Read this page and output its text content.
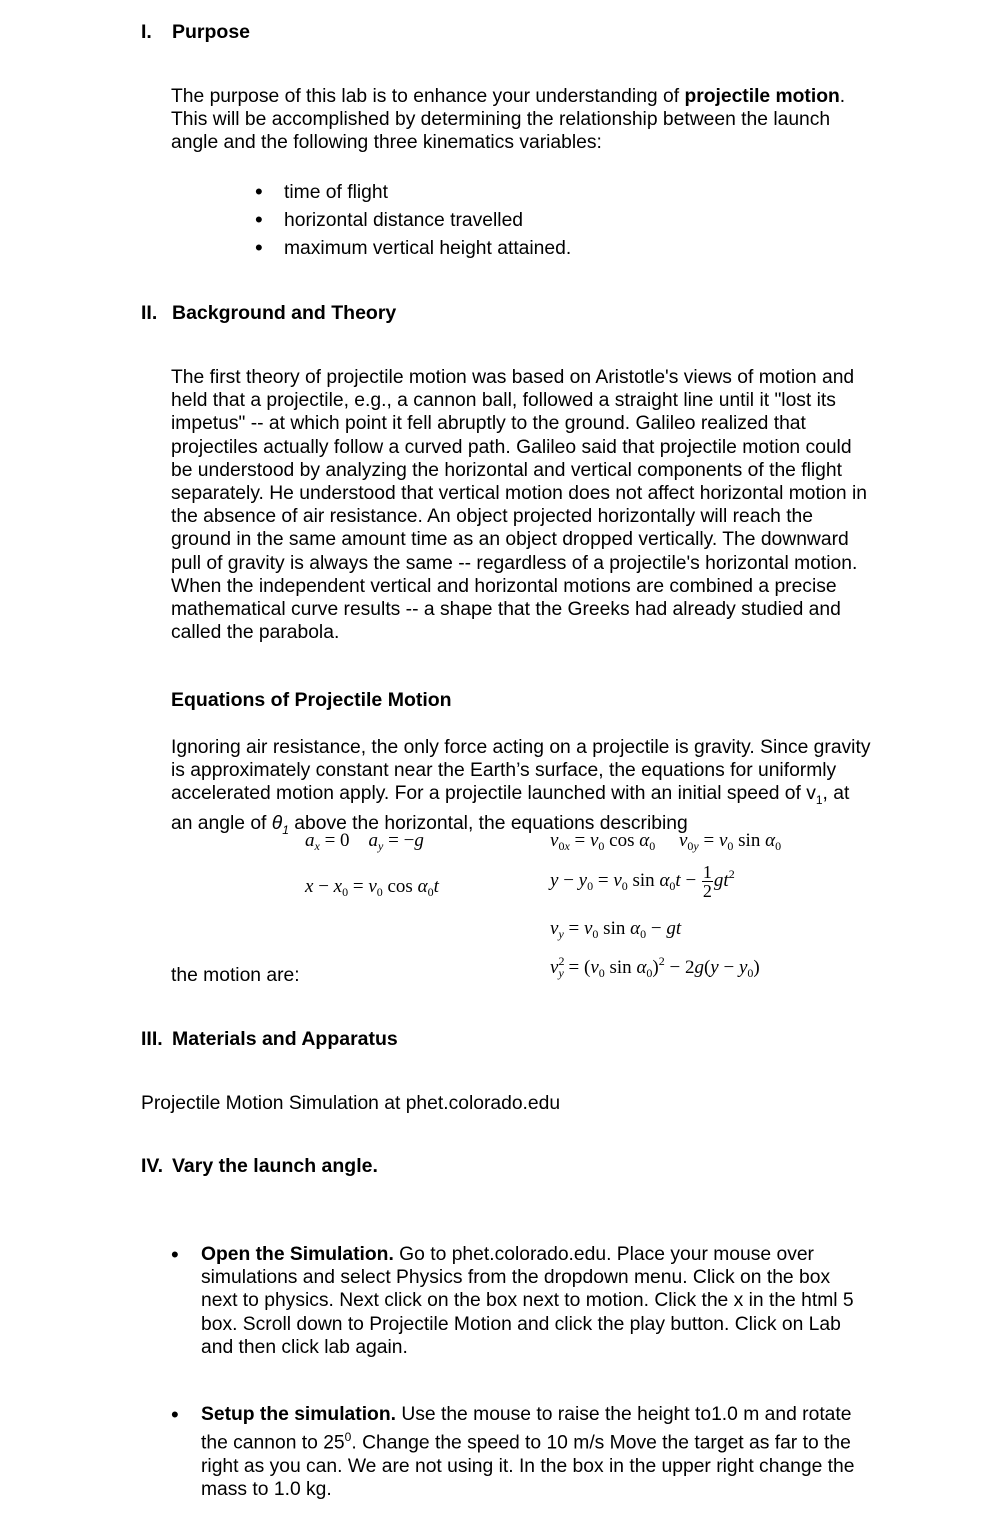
I. Purpose

The purpose of this lab is to enhance your understanding of projectile motion. This will be accomplished by determining the relationship between the launch angle and the following three kinematics variables:

• time of flight
• horizontal distance travelled
• maximum vertical height attained.
II. Background and Theory

The first theory of projectile motion was based on Aristotle's views of motion and held that a projectile, e.g., a cannon ball, followed a straight line until it "lost its impetus" -- at which point it fell abruptly to the ground. Galileo realized that projectiles actually follow a curved path. Galileo said that projectile motion could be understood by analyzing the horizontal and vertical components of the flight separately. He understood that vertical motion does not affect horizontal motion in the absence of air resistance. An object projected horizontally will reach the ground in the same amount time as an object dropped vertically. The downward pull of gravity is always the same -- regardless of a projectile's horizontal motion. When the independent vertical and horizontal motions are combined a precise mathematical curve results -- a shape that the Greeks had already studied and called the parabola.

Equations of Projectile Motion

Ignoring air resistance, the only force acting on a projectile is gravity. Since gravity is approximately constant near the Earth’s surface, the equations for uniformly accelerated motion apply. For a projectile launched with an initial speed of $v_1$, at an angle of $\theta_1$ above the horizontal, the equations describing

$a_x = 0$    $a_y = -g$	$v_{0x} = v_0$ $\cos \alpha_0$ $v_{0y} = v_0$ $\sin \alpha_0$
$x - x_0 = v_0$ $\cos \alpha_0t$	$y - y_0 = v_0$ $\sin \alpha_0t - \frac{1}{2} gt^2$
$v_y = v_0$ $\sin \alpha_0$ − gt
$v^2_y = (v_0$ $\sin \alpha_0)^2 - 2g(y - y_0)$

the motion are:

III. Materials and Apparatus

Projectile Motion Simulation at phet.colorado.edu

IV. Vary the launch angle.
• Open the Simulation. Go to phet.colorado.edu. Place your mouse over simulations and select Physics from the dropdown menu. Click on the box next to physics. Next click on the box next to motion. Click the x in the html 5 box. Scroll down to Projectile Motion and click the play button. Click on Lab and then click lab again.
• Setup the simulation. Use the mouse to raise the height to1.0 m and rotate the cannon to $25^0$. Change the speed to 10 m/s Move the target as far to the right as you can. We are not using it. In the box in the upper right change the mass to 1.0 kg.
